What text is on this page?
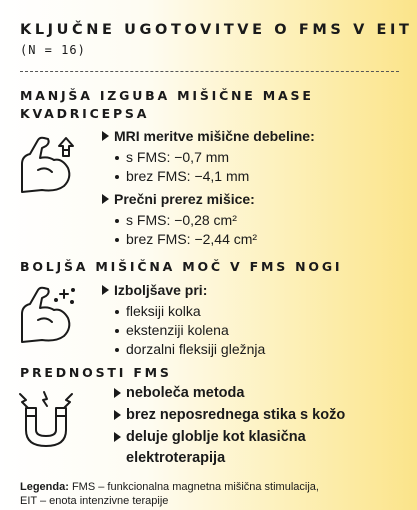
KLJUČNE UGOTOVITVE O FMS V EIT
(N = 16)
MANJŠA IZGUBA MIŠIČNE MASE
KVADRICEPSA
MRI meritve mišične debeline:
s FMS: −0,7 mm
brez FMS: −4,1 mm
Prečni prerez mišice:
s FMS: −0,28 cm²
brez FMS: −2,44 cm²
BOLJŠA MIŠIČNA MOČ V FMS NOGI
Izboljšave pri:
fleksiji kolka
ekstenziji kolena
dorzalni fleksiji gležnja
PREDNOSTI FMS
neboleča metoda
brez neposrednega stika s kožo
deluje globlje kot klasična
elektroterapija
Legenda: FMS – funkcionalna magnetna mišična stimulacija,
EIT – enota intenzivne terapije
